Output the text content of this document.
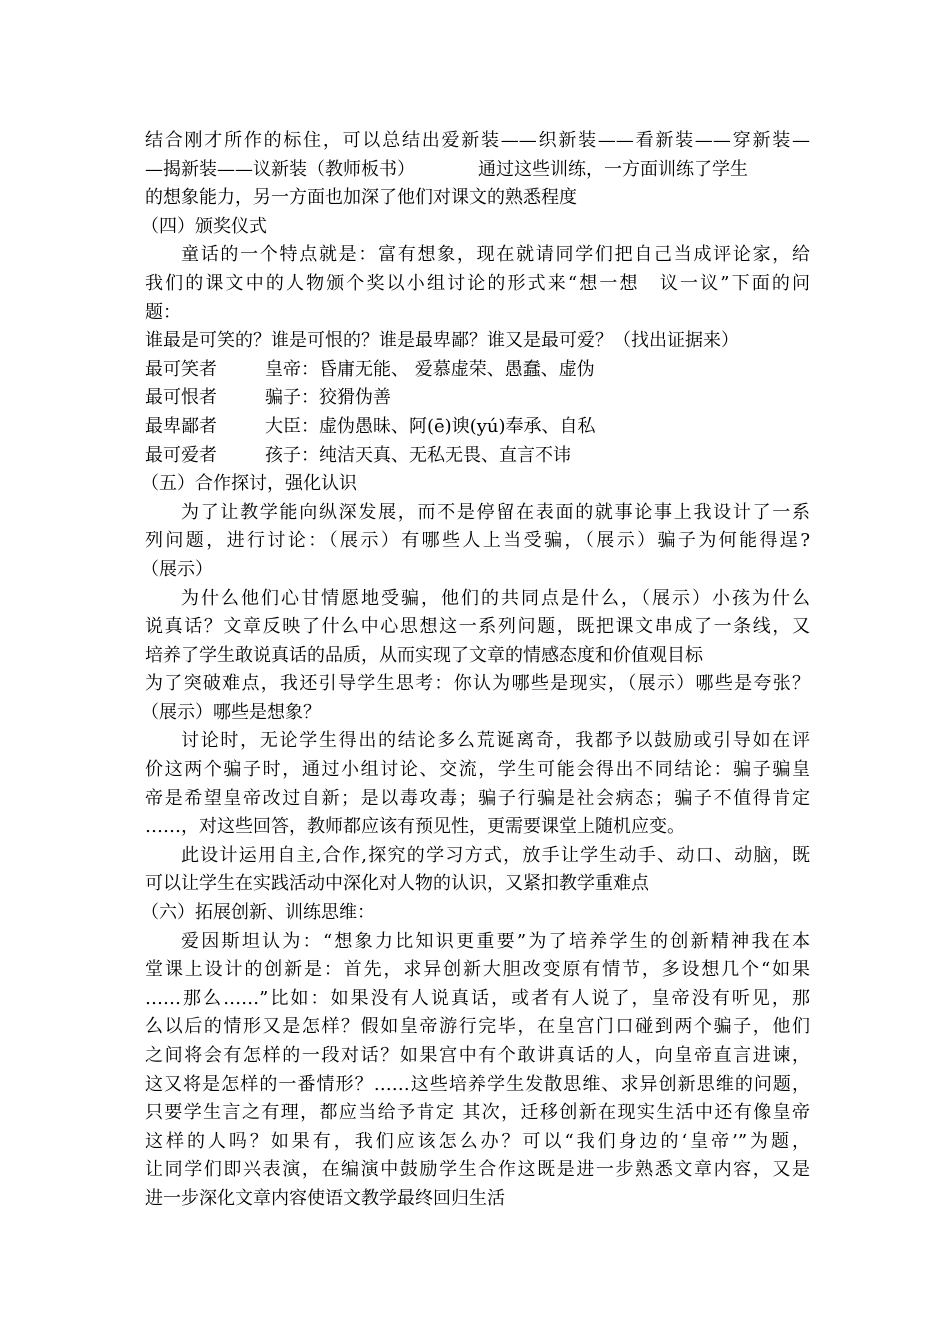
结合刚才所作的标住，可以总结出爱新装——织新装——看新装——穿新装—
—揭新装——议新装（教师板书）　　　　通过这些训练，一方面训练了学生
的想象能力，另一方面也加深了他们对课文的熟悉程度
（四）颁奖仪式
童话的一个特点就是：富有想象，现在就请同学们把自己当成评论家，给
我们的课文中的人物颁个奖以小组讨论的形式来“想一想　议一议”下面的问
题：
谁最是可笑的？谁是可恨的？谁是最卑鄙？谁又是最可爱？（找出证据来）
最可笑者	皇帝：昏庸无能、 爱慕虚荣、愚蠢、虚伪
最可恨者	骗子：狡猾伪善
最卑鄙者	大臣：虚伪愚昧、阿(ē)谀(yú)奉承、自私
最可爱者	孩子：纯洁天真、无私无畏、直言不讳
（五）合作探讨，强化认识
为了让教学能向纵深发展，而不是停留在表面的就事论事上我设计了一系
列问题，进行讨论：（展示）有哪些人上当受骗，（展示）骗子为何能得逞?
（展示）
为什么他们心甘情愿地受骗，他们的共同点是什么，（展示）小孩为什么
说真话？文章反映了什么中心思想这一系列问题，既把课文串成了一条线，又
培养了学生敢说真话的品质，从而实现了文章的情感态度和价值观目标
为了突破难点，我还引导学生思考：你认为哪些是现实，（展示）哪些是夸张？
（展示）哪些是想象？
讨论时，无论学生得出的结论多么荒诞离奇，我都予以鼓励或引导如在评
价这两个骗子时，通过小组讨论、交流，学生可能会得出不同结论：骗子骗皇
帝是希望皇帝改过自新；是以毒攻毒；骗子行骗是社会病态；骗子不值得肯定
……，对这些回答，教师都应该有预见性，更需要课堂上随机应变。
此设计运用自主,合作,探究的学习方式，放手让学生动手、动口、动脑，既
可以让学生在实践活动中深化对人物的认识，又紧扣教学重难点
（六）拓展创新、训练思维：
爱因斯坦认为：“想象力比知识更重要”为了培养学生的创新精神我在本
堂课上设计的创新是：首先，求异创新大胆改变原有情节，多设想几个“如果
……那么……”比如：如果没有人说真话，或者有人说了，皇帝没有听见，那
么以后的情形又是怎样？假如皇帝游行完毕，在皇宫门口碰到两个骗子，他们
之间将会有怎样的一段对话？如果宫中有个敢讲真话的人，向皇帝直言进谏，
这又将是怎样的一番情形？……这些培养学生发散思维、求异创新思维的问题，
只要学生言之有理，都应当给予肯定 其次，迁移创新在现实生活中还有像皇帝
这样的人吗？如果有，我们应该怎么办？可以“我们身边的‘皇帝’”为题，
让同学们即兴表演，在编演中鼓励学生合作这既是进一步熟悉文章内容，又是
进一步深化文章内容使语文教学最终回归生活
